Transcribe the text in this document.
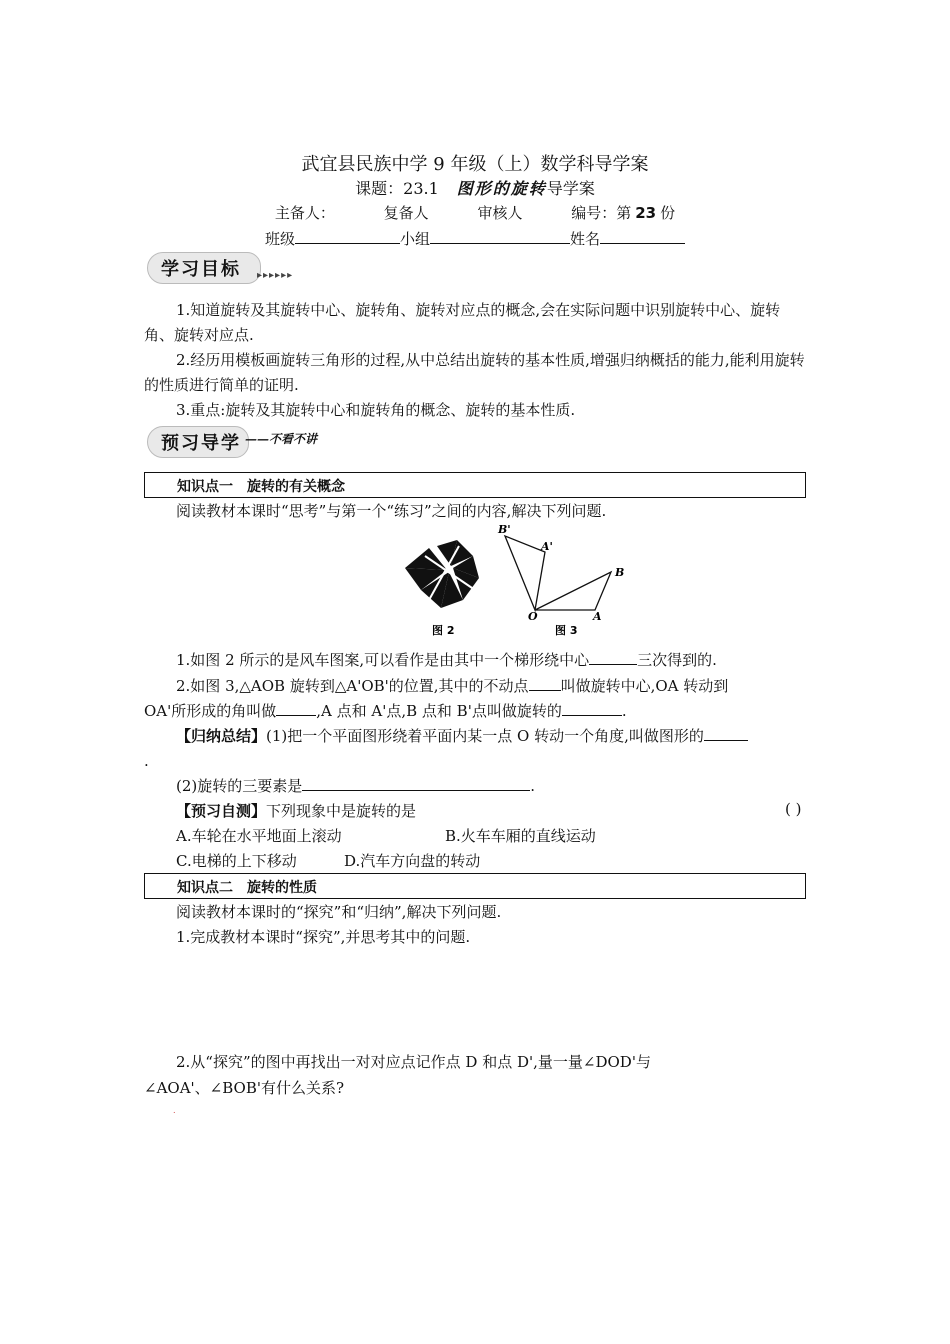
武宜县民族中学 9 年级（上）数学科导学案
课题：23.1 图形的旋转导学案
主备人：	复备人	审核人	编号：第 23 份
班级	小组	姓名
学习目标 ▸▸▸▸▸▸
1.知道旋转及其旋转中心、旋转角、旋转对应点的概念,会在实际问题中识别旋转中心、旋转角、旋转对应点.
2.经历用模板画旋转三角形的过程,从中总结出旋转的基本性质,增强归纳概括的能力,能利用旋转的性质进行简单的证明.
3.重点:旋转及其旋转中心和旋转角的概念、旋转的基本性质.
预习导学 ——不看不讲
知识点一　旋转的有关概念
阅读教材本课时“思考”与第一个“练习”之间的内容,解决下列问题.
图 2
B'
A'
B
O	A
图 3
1.如图 2 所示的是风车图案,可以看作是由其中一个梯形绕中心	三次得到的.
2.如图 3,△AOB 旋转到△A'OB'的位置,其中的不动点 叫做旋转中心,OA 转动到
OA'所形成的角叫做	,A 点和 A'点,B 点和 B'点叫做旋转的	.
【归纳总结】(1)把一个平面图形绕着平面内某一点 O 转动一个角度,叫做图形的
.
(2)旋转的三要素是	.
【预习自测】下列现象中是旋转的是	( )
A.车轮在水平地面上滚动	B.火车车厢的直线运动
C.电梯的上下移动	D.汽车方向盘的转动
知识点二　旋转的性质
阅读教材本课时的“探究”和“归纳”,解决下列问题.
1.完成教材本课时“探究”,并思考其中的问题.
2.从“探究”的图中再找出一对对应点记作点 D 和点 D',量一量∠DOD'与
∠AOA'、∠BOB'有什么关系?
.
